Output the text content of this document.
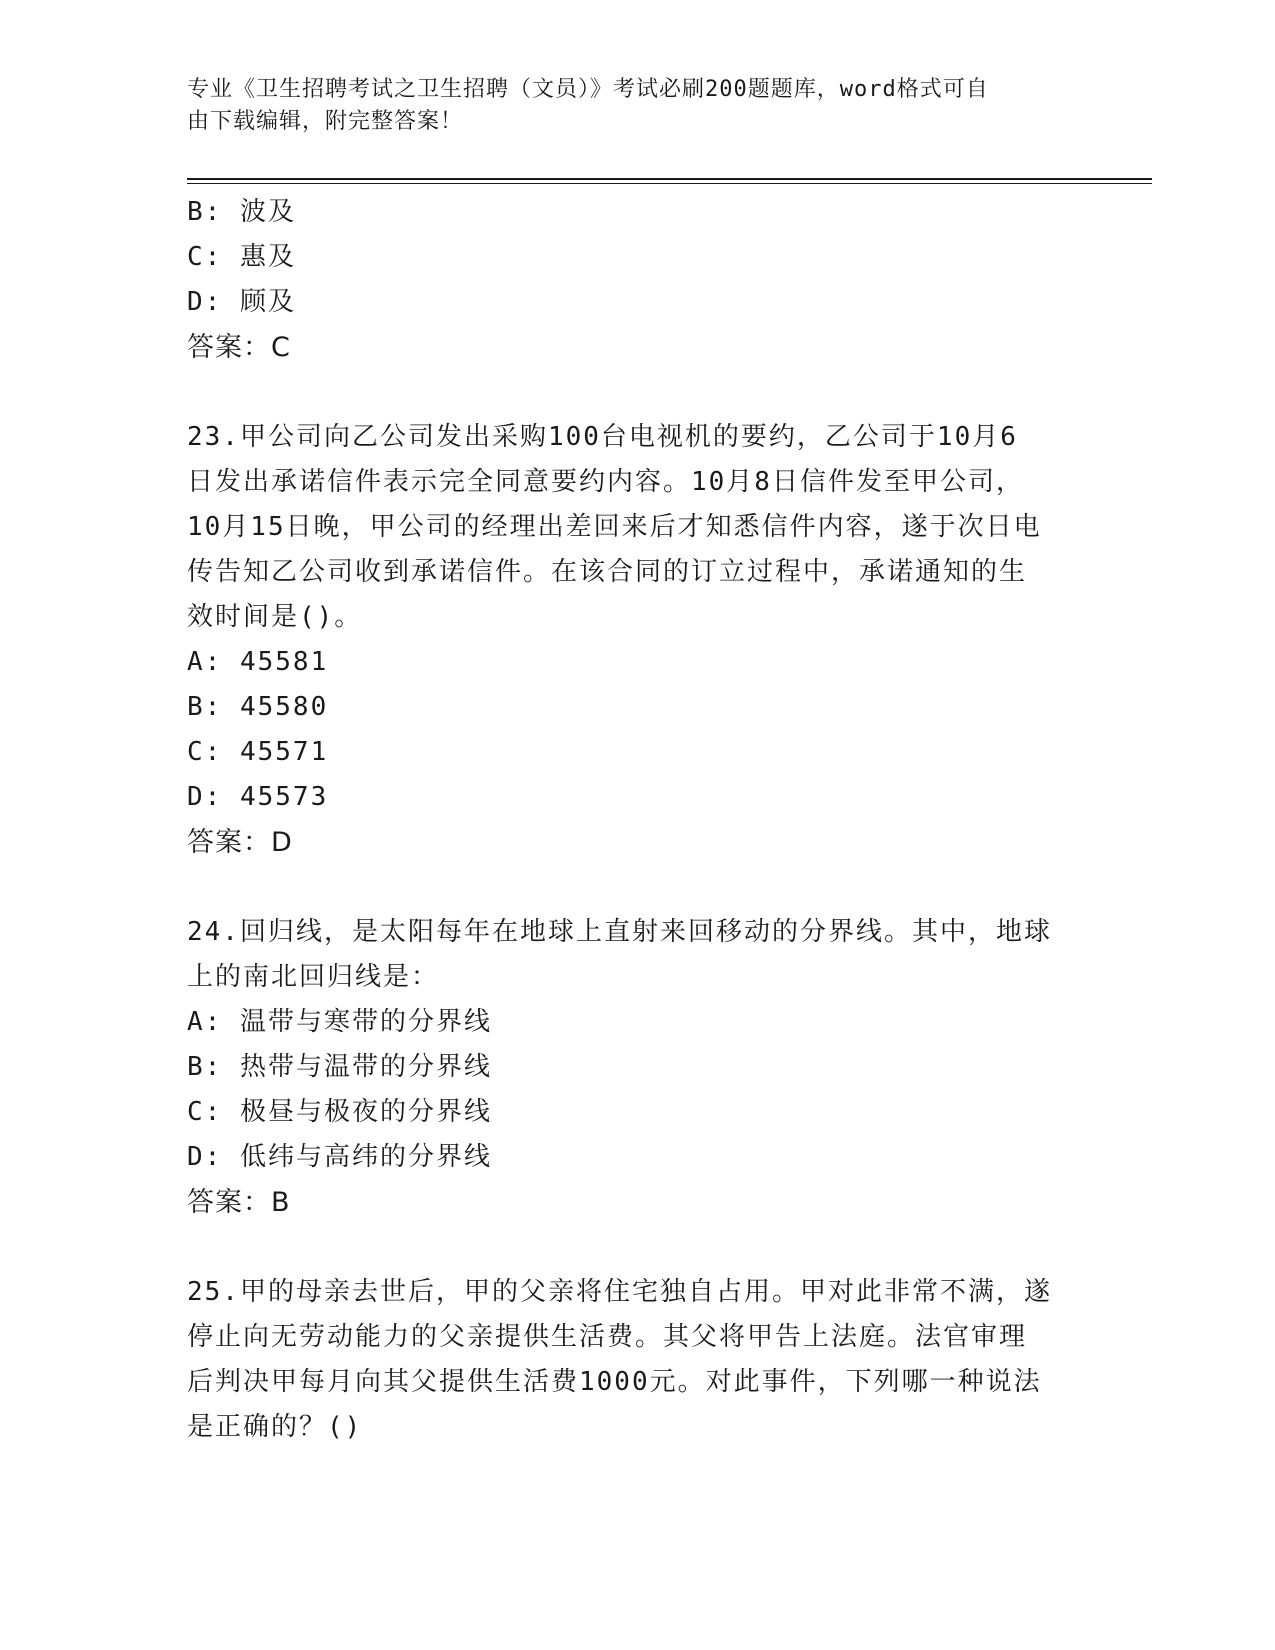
专业《卫生招聘考试之卫生招聘（文员）》考试必刷200题题库，word格式可自
由下载编辑，附完整答案！
B: 波及
C: 惠及
D: 顾及
答案：C
23.甲公司向乙公司发出采购100台电视机的要约，乙公司于10月6
日发出承诺信件表示完全同意要约内容。10月8日信件发至甲公司，
10月15日晚，甲公司的经理出差回来后才知悉信件内容，遂于次日电
传告知乙公司收到承诺信件。在该合同的订立过程中，承诺通知的生
效时间是()。
A: 45581
B: 45580
C: 45571
D: 45573
答案：D
24.回归线，是太阳每年在地球上直射来回移动的分界线。其中，地球
上的南北回归线是：
A: 温带与寒带的分界线
B: 热带与温带的分界线
C: 极昼与极夜的分界线
D: 低纬与高纬的分界线
答案：B
25.甲的母亲去世后，甲的父亲将住宅独自占用。甲对此非常不满，遂
停止向无劳动能力的父亲提供生活费。其父将甲告上法庭。法官审理
后判决甲每月向其父提供生活费1000元。对此事件，下列哪一种说法
是正确的？()
